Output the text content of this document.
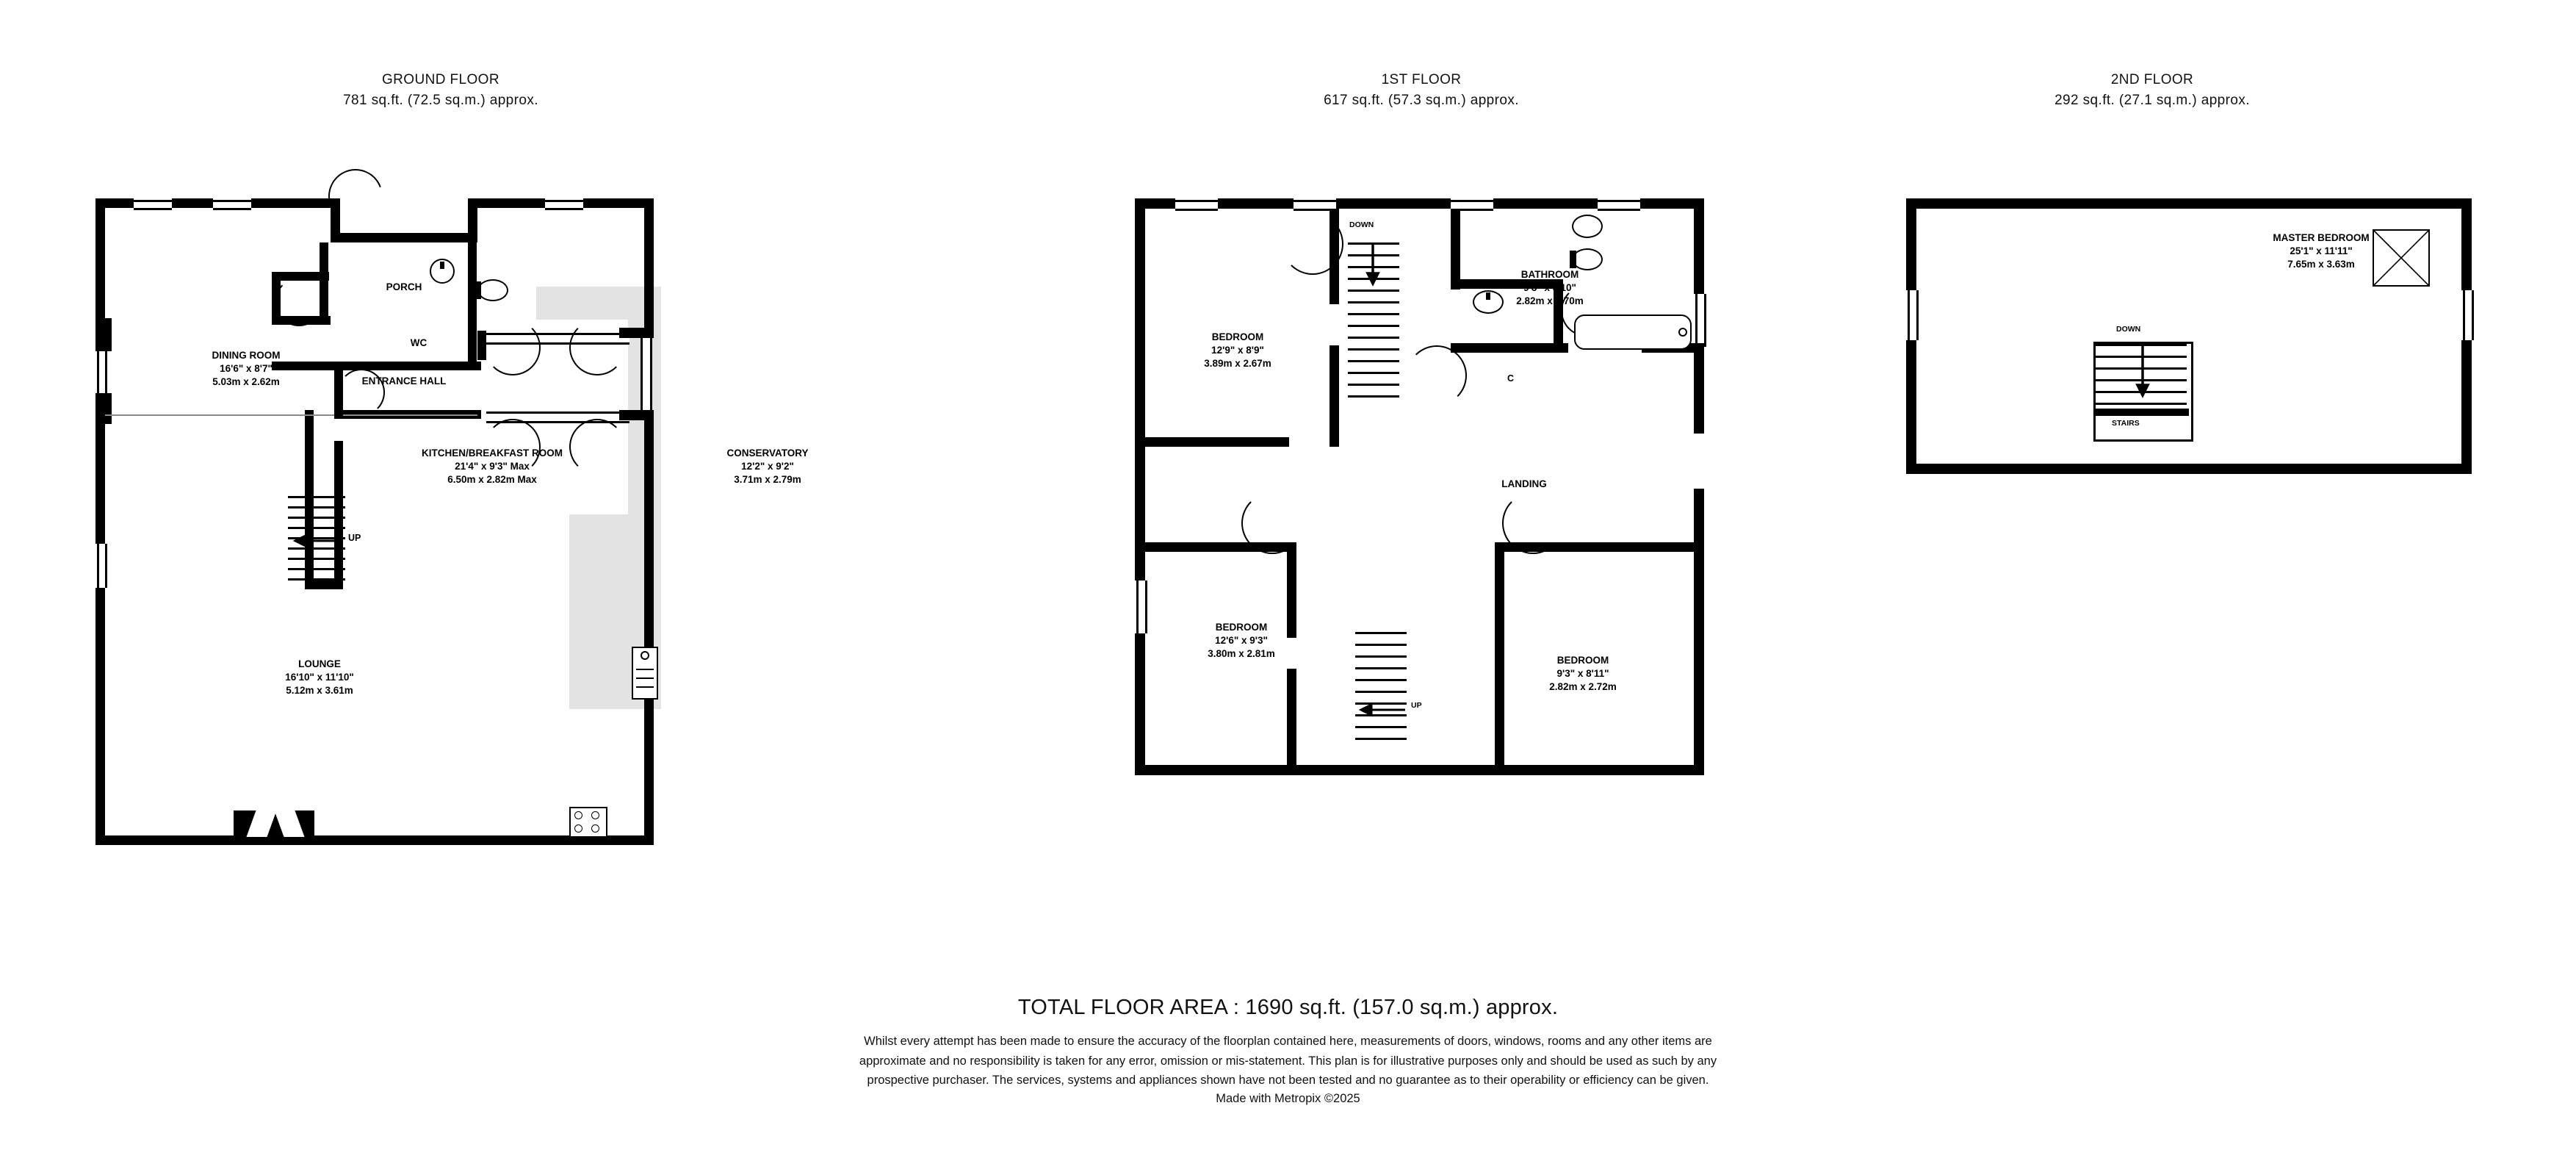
GROUND FLOOR
781 sq.ft. (72.5 sq.m.) approx.
1ST FLOOR
617 sq.ft. (57.3 sq.m.) approx.
2ND FLOOR
292 sq.ft. (27.1 sq.m.) approx.
UP
PORCH
WC
DINING ROOM
16'6" x 8'7"
5.03m x 2.62m	ENTRANCE HALL
KITCHEN/BREAKFAST ROOM
21'4" x 9'3" Max
6.50m x 2.82m Max
CONSERVATORY
12'2" x 9'2"
3.71m x 2.79m
LOUNGE
16'10" x 11'10"
5.12m x 3.61m
DOWN
UP
BEDROOM
12'9" x 8'9"
3.89m x 2.67m
BATHROOM
9'3" x 8'10"
2.82m x 2.70m
C
LANDING
BEDROOM
12'6" x 9'3"
3.80m x 2.81m
BEDROOM
9'3" x 8'11"
2.82m x 2.72m
DOWN
STAIRS
MASTER BEDROOM
25'1" x 11'11"
7.65m x 3.63m
TOTAL FLOOR AREA : 1690 sq.ft. (157.0 sq.m.) approx.
Whilst every attempt has been made to ensure the accuracy of the floorplan contained here, measurements of doors, windows, rooms and any other items are approximate and no responsibility is taken for any error, omission or mis-statement. This plan is for illustrative purposes only and should be used as such by any prospective purchaser. The services, systems and appliances shown have not been tested and no guarantee as to their operability or efficiency can be given.
Made with Metropix ©2025
